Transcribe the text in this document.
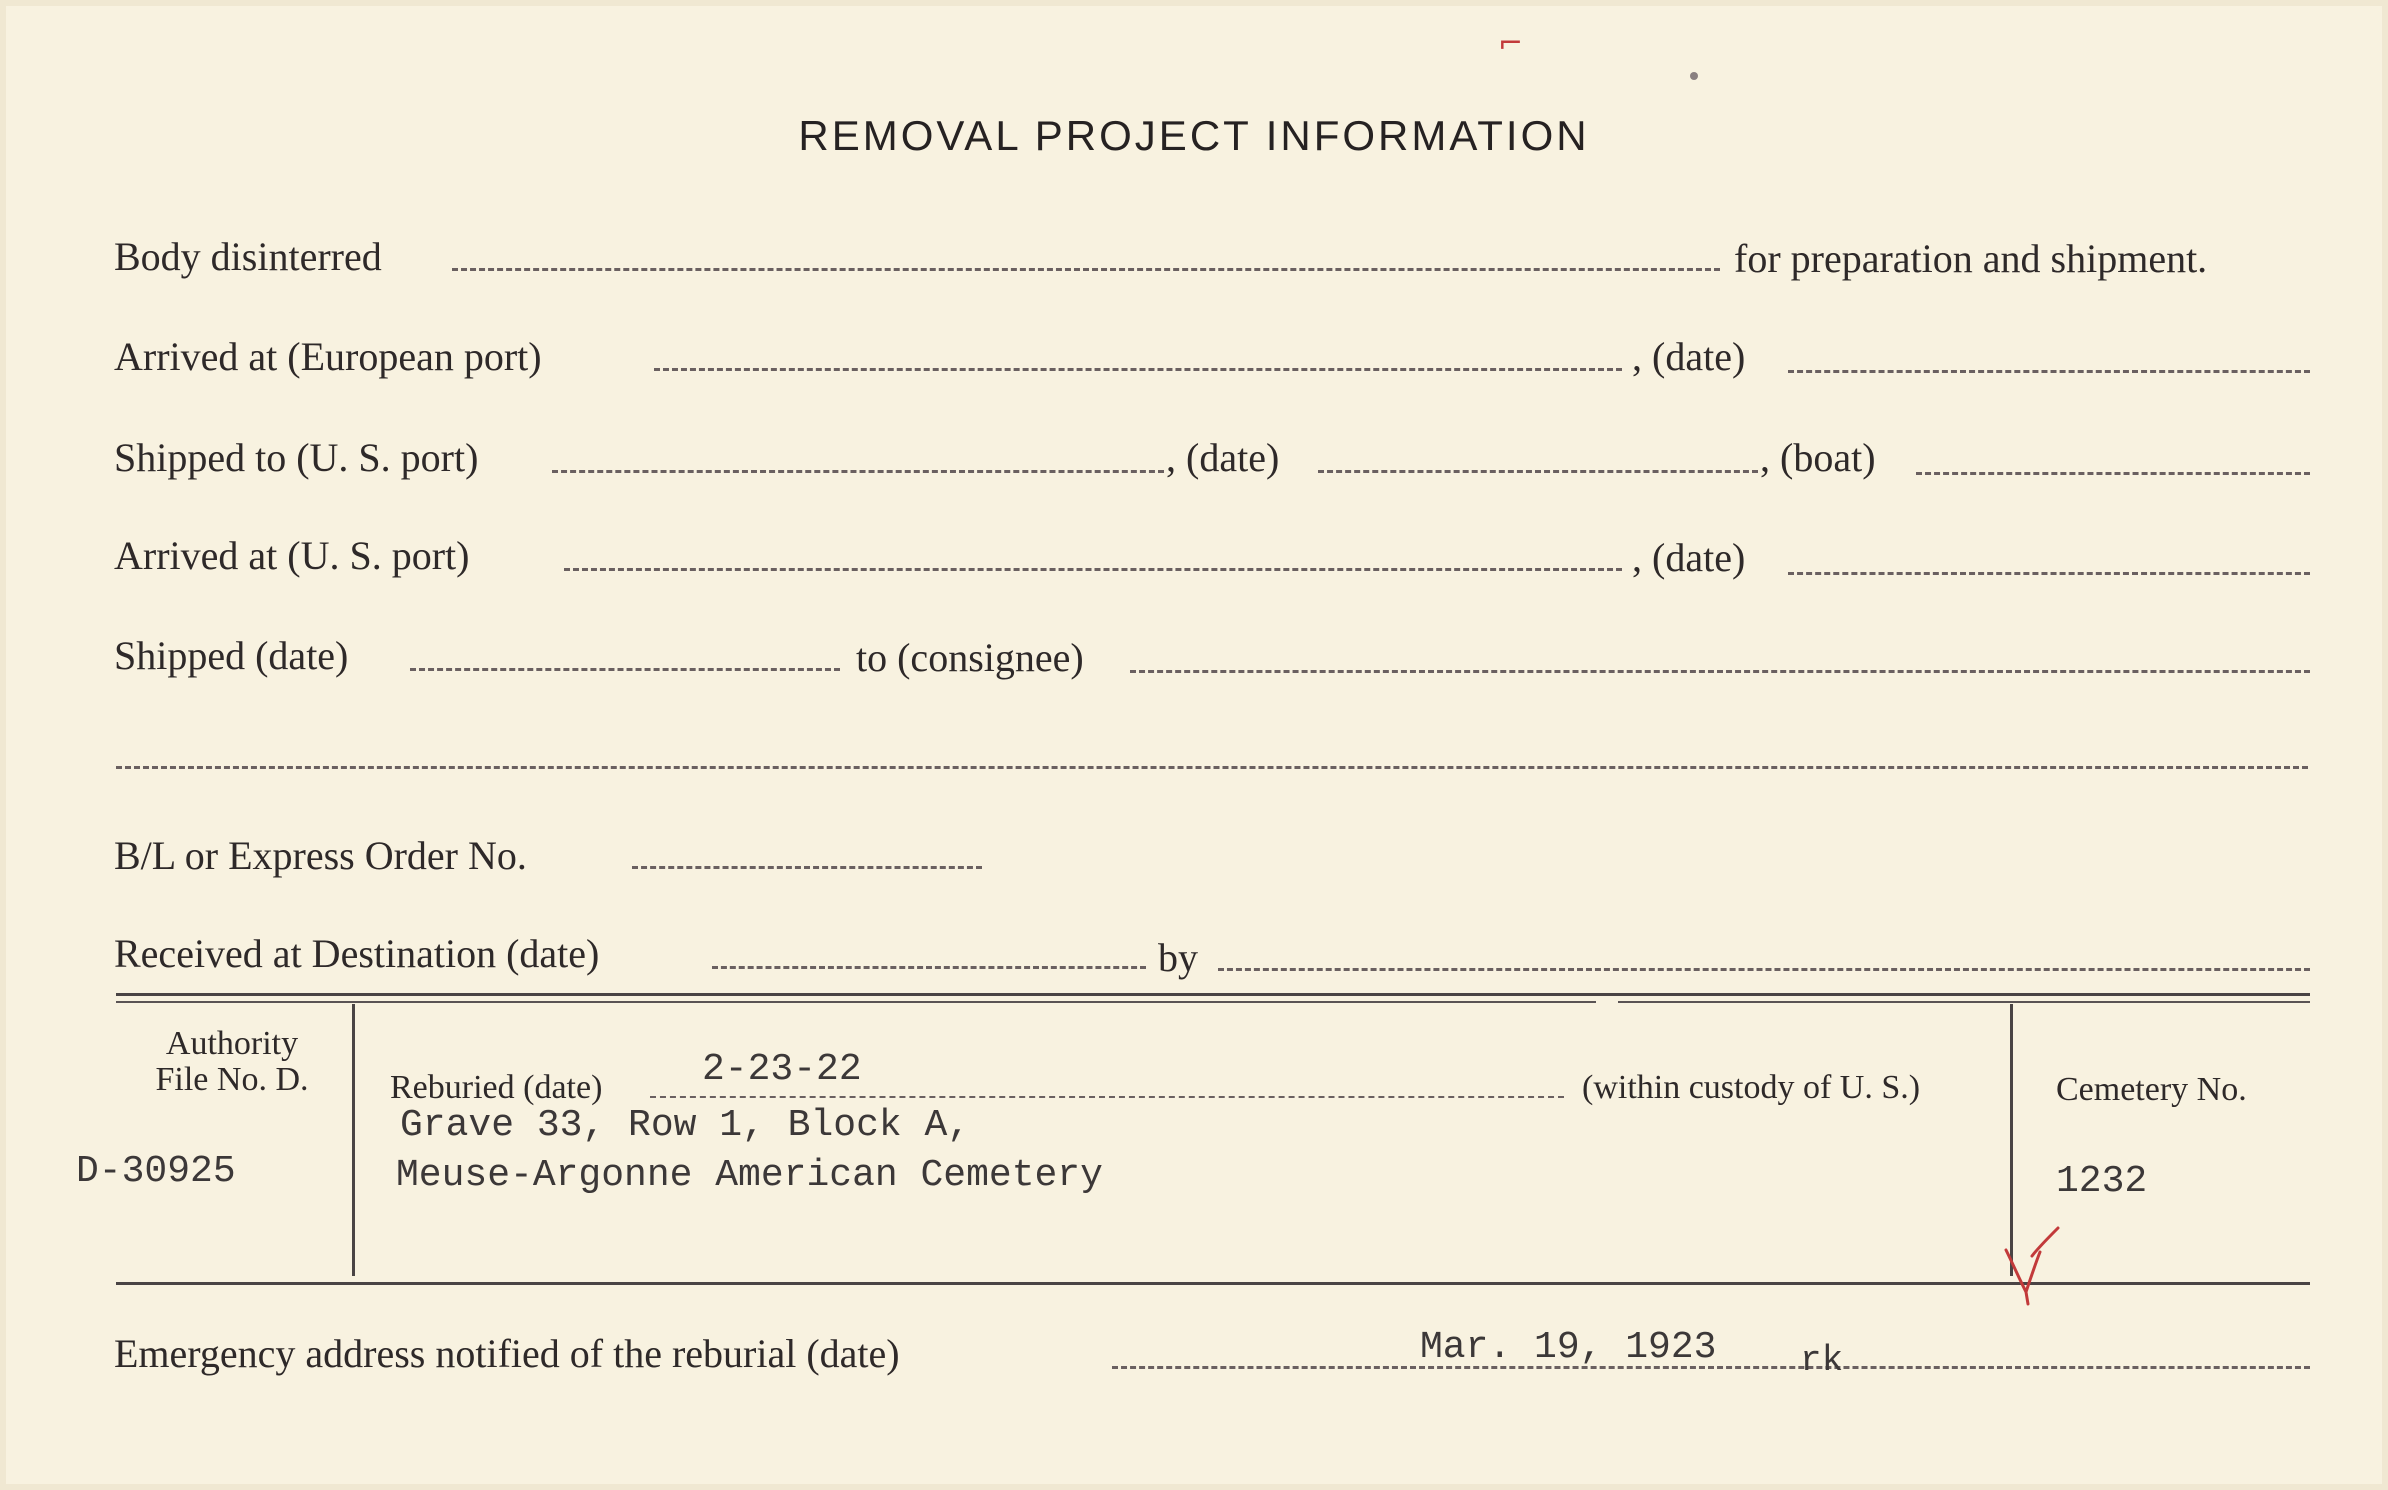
REMOVAL PROJECT INFORMATION
Body disinterred	for preparation and shipment.
Arrived at (European port)	, (date)
Shipped to (U. S. port)	, (date)	, (boat)
Arrived at (U. S. port)	, (date)
Shipped (date)	to (consignee)
B/L or Express Order No.
Received at Destination (date)	by
Authority
File No. D.
D-30925
Reburied (date)	2-23-22	(within custody of U. S.)
Grave 33, Row 1, Block A,
Meuse-Argonne American Cemetery
Cemetery No.
1232
Emergency address notified of the reburial (date)	Mar. 19, 1923 rk
⌐
